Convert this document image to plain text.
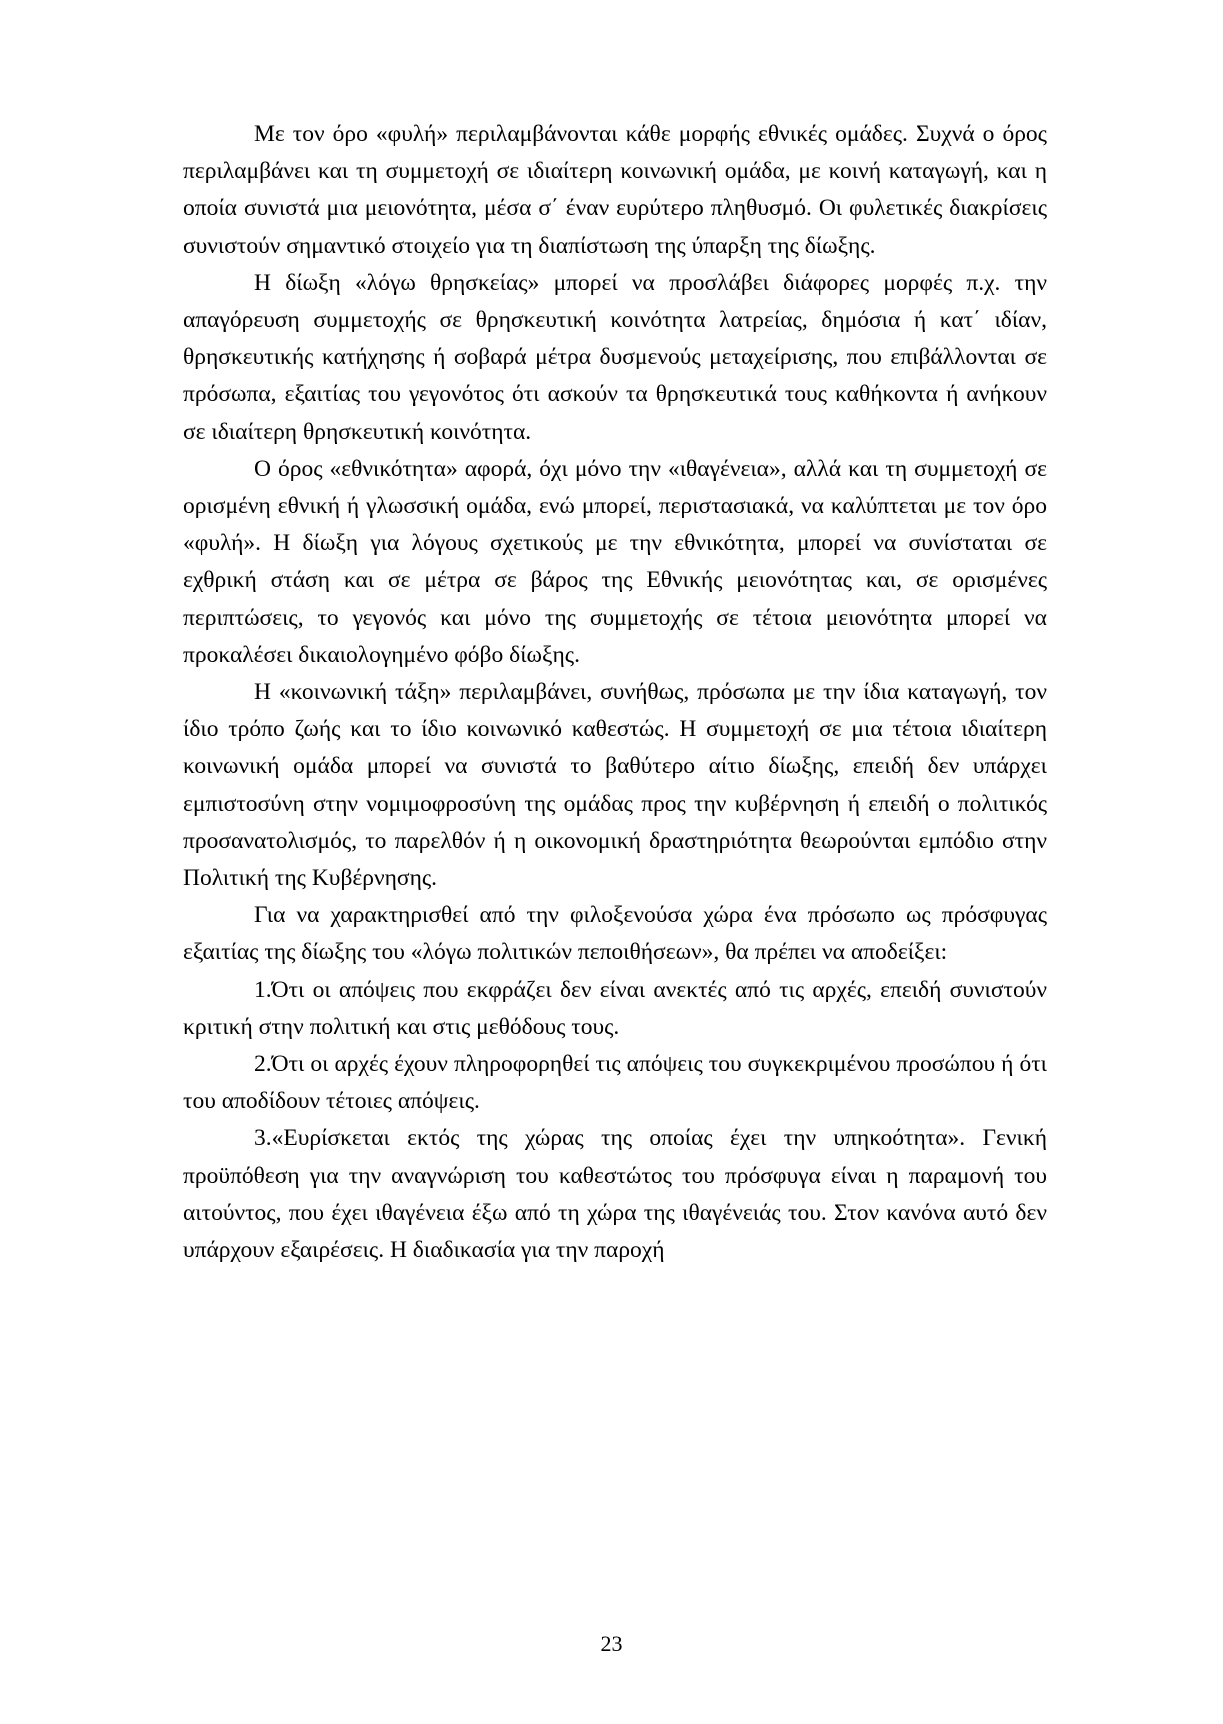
Με τον όρο «φυλή» περιλαμβάνονται κάθε μορφής εθνικές ομάδες. Συχνά ο όρος περιλαμβάνει και τη συμμετοχή σε ιδιαίτερη κοινωνική ομάδα, με κοινή καταγωγή, και η οποία συνιστά μια μειονότητα, μέσα σ΄ έναν ευρύτερο πληθυσμό. Οι φυλετικές διακρίσεις συνιστούν σημαντικό στοιχείο για τη διαπίστωση της ύπαρξη της δίωξης.

Η δίωξη «λόγω θρησκείας» μπορεί να προσλάβει διάφορες μορφές π.χ. την απαγόρευση συμμετοχής σε θρησκευτική κοινότητα λατρείας, δημόσια ή κατ΄ ιδίαν, θρησκευτικής κατήχησης ή σοβαρά μέτρα δυσμενούς μεταχείρισης, που επιβάλλονται σε πρόσωπα, εξαιτίας του γεγονότος ότι ασκούν τα θρησκευτικά τους καθήκοντα ή ανήκουν σε ιδιαίτερη θρησκευτική κοινότητα.

Ο όρος «εθνικότητα» αφορά, όχι μόνο την «ιθαγένεια», αλλά και τη συμμετοχή σε ορισμένη εθνική ή γλωσσική ομάδα, ενώ μπορεί, περιστασιακά, να καλύπτεται με τον όρο «φυλή». Η δίωξη για λόγους σχετικούς με την εθνικότητα, μπορεί να συνίσταται σε εχθρική στάση και σε μέτρα σε βάρος της Εθνικής μειονότητας και, σε ορισμένες περιπτώσεις, το γεγονός και μόνο της συμμετοχής σε τέτοια μειονότητα μπορεί να προκαλέσει δικαιολογημένο φόβο δίωξης.

Η «κοινωνική τάξη» περιλαμβάνει, συνήθως, πρόσωπα με την ίδια καταγωγή, τον ίδιο τρόπο ζωής και το ίδιο κοινωνικό καθεστώς. Η συμμετοχή σε μια τέτοια ιδιαίτερη κοινωνική ομάδα μπορεί να συνιστά το βαθύτερο αίτιο δίωξης, επειδή δεν υπάρχει εμπιστοσύνη στην νομιμοφροσύνη της ομάδας προς την κυβέρνηση ή επειδή ο πολιτικός προσανατολισμός, το παρελθόν ή η οικονομική δραστηριότητα θεωρούνται εμπόδιο στην Πολιτική της Κυβέρνησης.

Για να χαρακτηρισθεί από την φιλοξενούσα χώρα ένα πρόσωπο ως πρόσφυγας εξαιτίας της δίωξης του «λόγω πολιτικών πεποιθήσεων», θα πρέπει να αποδείξει:

1.Ότι οι απόψεις που εκφράζει δεν είναι ανεκτές από τις αρχές, επειδή συνιστούν κριτική στην πολιτική και στις μεθόδους τους.

2.Ότι οι αρχές έχουν πληροφορηθεί τις απόψεις του συγκεκριμένου προσώπου ή ότι του αποδίδουν τέτοιες απόψεις.

3.«Ευρίσκεται εκτός της χώρας της οποίας έχει την υπηκοότητα». Γενική προϋπόθεση για την αναγνώριση του καθεστώτος του πρόσφυγα είναι η παραμονή του αιτούντος, που έχει ιθαγένεια έξω από τη χώρα της ιθαγένειάς του. Στον κανόνα αυτό δεν υπάρχουν εξαιρέσεις. Η διαδικασία για την παροχή

23
